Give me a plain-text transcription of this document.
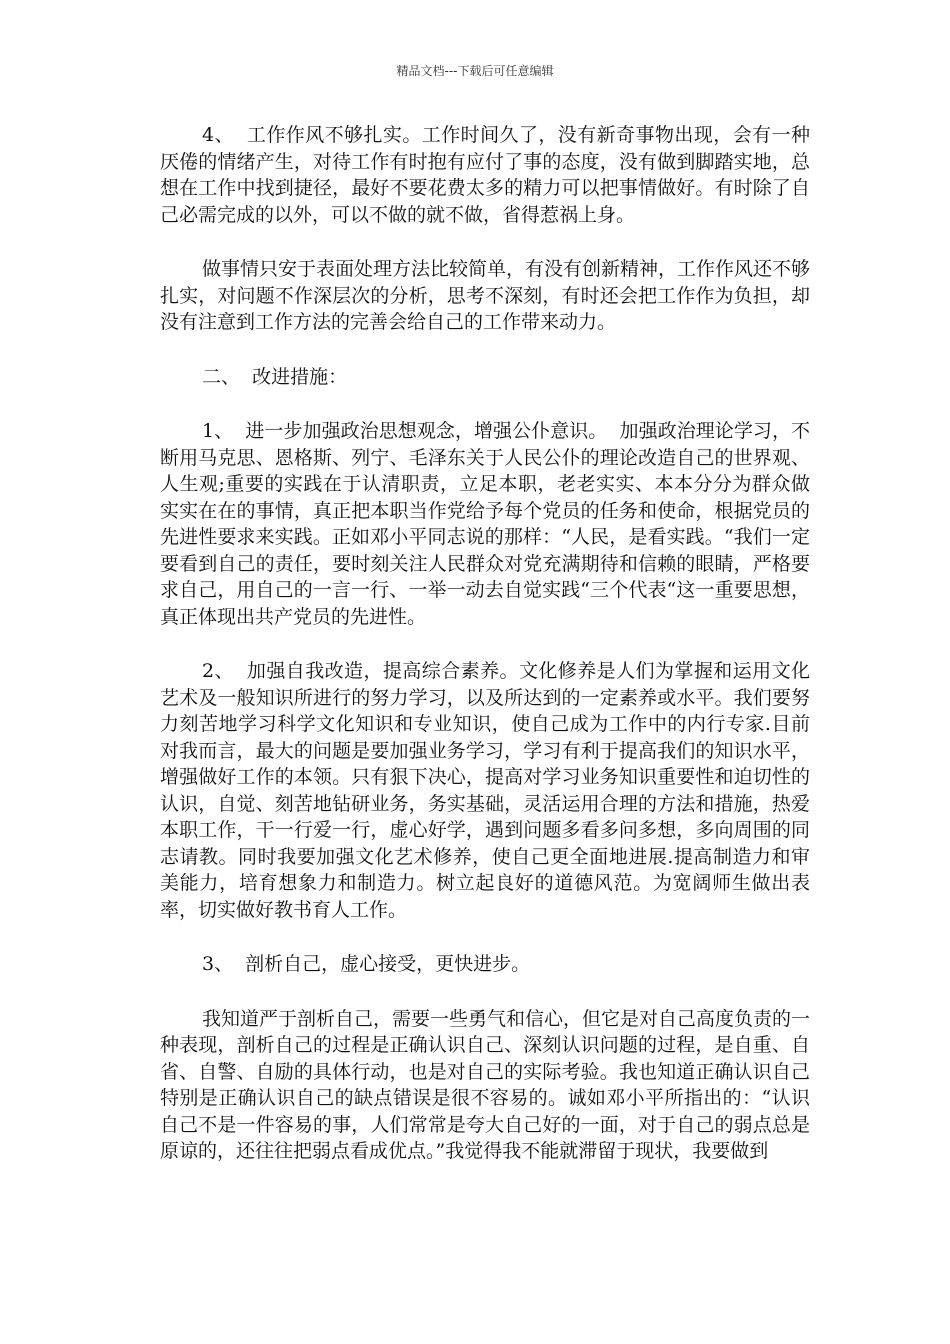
精品文档---下载后可任意编辑

4、  工作作风不够扎实。工作时间久了，没有新奇事物出现，会有一种厌倦的情绪产生，对待工作有时抱有应付了事的态度，没有做到脚踏实地，总想在工作中找到捷径，最好不要花费太多的精力可以把事情做好。有时除了自己必需完成的以外，可以不做的就不做，省得惹祸上身。

做事情只安于表面处理方法比较简单，有没有创新精神，工作作风还不够扎实，对问题不作深层次的分析，思考不深刻，有时还会把工作作为负担，却没有注意到工作方法的完善会给自己的工作带来动力。

二、  改进措施：

1、  进一步加强政治思想观念，增强公仆意识。  加强政治理论学习，不断用马克思、恩格斯、列宁、毛泽东关于人民公仆的理论改造自己的世界观、人生观;重要的实践在于认清职责，立足本职，老老实实、本本分分为群众做实实在在的事情，真正把本职当作党给予每个党员的任务和使命，根据党员的先进性要求来实践。正如邓小平同志说的那样：“人民，是看实践。“我们一定要看到自己的责任，要时刻关注人民群众对党充满期待和信赖的眼睛，严格要求自己，用自己的一言一行、一举一动去自觉实践“三个代表“这一重要思想，真正体现出共产党员的先进性。

2、  加强自我改造，提高综合素养。文化修养是人们为掌握和运用文化艺术及一般知识所进行的努力学习，以及所达到的一定素养或水平。我们要努力刻苦地学习科学文化知识和专业知识，使自己成为工作中的内行专家.目前对我而言，最大的问题是要加强业务学习，学习有利于提高我们的知识水平，增强做好工作的本领。只有狠下决心，提高对学习业务知识重要性和迫切性的认识，自觉、刻苦地钻研业务，务实基础，灵活运用合理的方法和措施，热爱本职工作，干一行爱一行，虚心好学，遇到问题多看多问多想，多向周围的同志请教。同时我要加强文化艺术修养，使自己更全面地进展.提高制造力和审美能力，培育想象力和制造力。树立起良好的道德风范。为宽阔师生做出表率，切实做好教书育人工作。

3、  剖析自己，虚心接受，更快进步。

我知道严于剖析自己，需要一些勇气和信心，但它是对自己高度负责的一种表现，剖析自己的过程是正确认识自己、深刻认识问题的过程，是自重、自省、自警、自励的具体行动，也是对自己的实际考验。我也知道正确认识自己特别是正确认识自己的缺点错误是很不容易的。诚如邓小平所指出的：“认识自己不是一件容易的事，人们常常是夸大自己好的一面，对于自己的弱点总是原谅的，还往往把弱点看成优点。”我觉得我不能就滞留于现状，我要做到
